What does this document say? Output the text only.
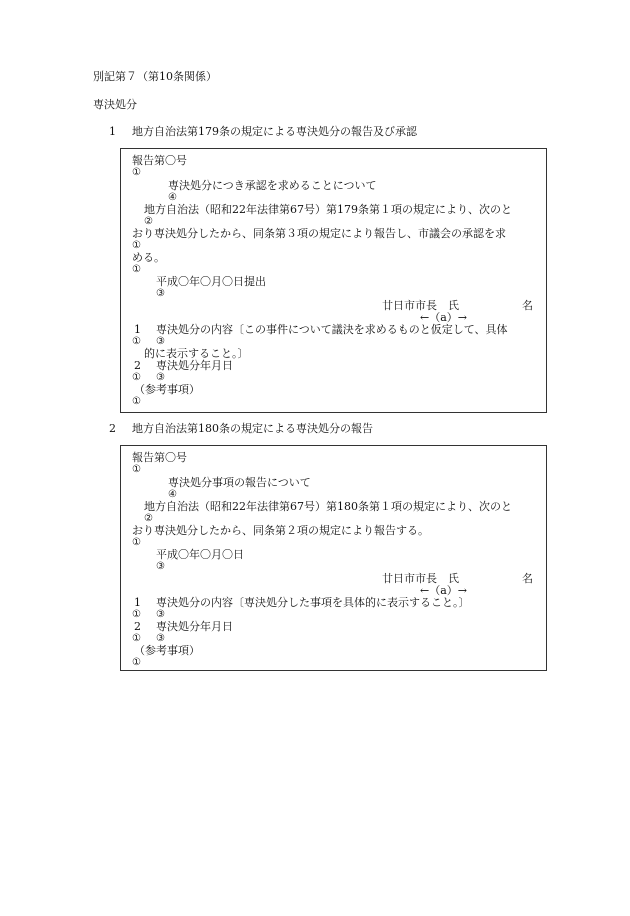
別記第７（第10条関係）
専決処分
1 地方自治法第179条の規定による専決処分の報告及び承認
報告第〇号
①
専決処分につき承認を求めることについて
④
地方自治法（昭和22年法律第67号）第179条第１項の規定により、次のと
②
おり専決処分したから、同条第３項の規定により報告し、市議会の承認を求
①
める。
①
平成〇年〇月〇日提出
③
廿日市市長　氏	名
←（a）→
1 専決処分の内容〔この事件について議決を求めるものと仮定して、具体
① ③
的に表示すること。〕
2 専決処分年月日
① ③
（参考事項）
①
2 地方自治法第180条の規定による専決処分の報告
報告第〇号
①
専決処分事項の報告について
④
地方自治法（昭和22年法律第67号）第180条第１項の規定により、次のと
②
おり専決処分したから、同条第２項の規定により報告する。
①
平成〇年〇月〇日
③
廿日市市長　氏	名
←（a）→
1 専決処分の内容〔専決処分した事項を具体的に表示すること。〕
① ③
2 専決処分年月日
① ③
（参考事項）
①
